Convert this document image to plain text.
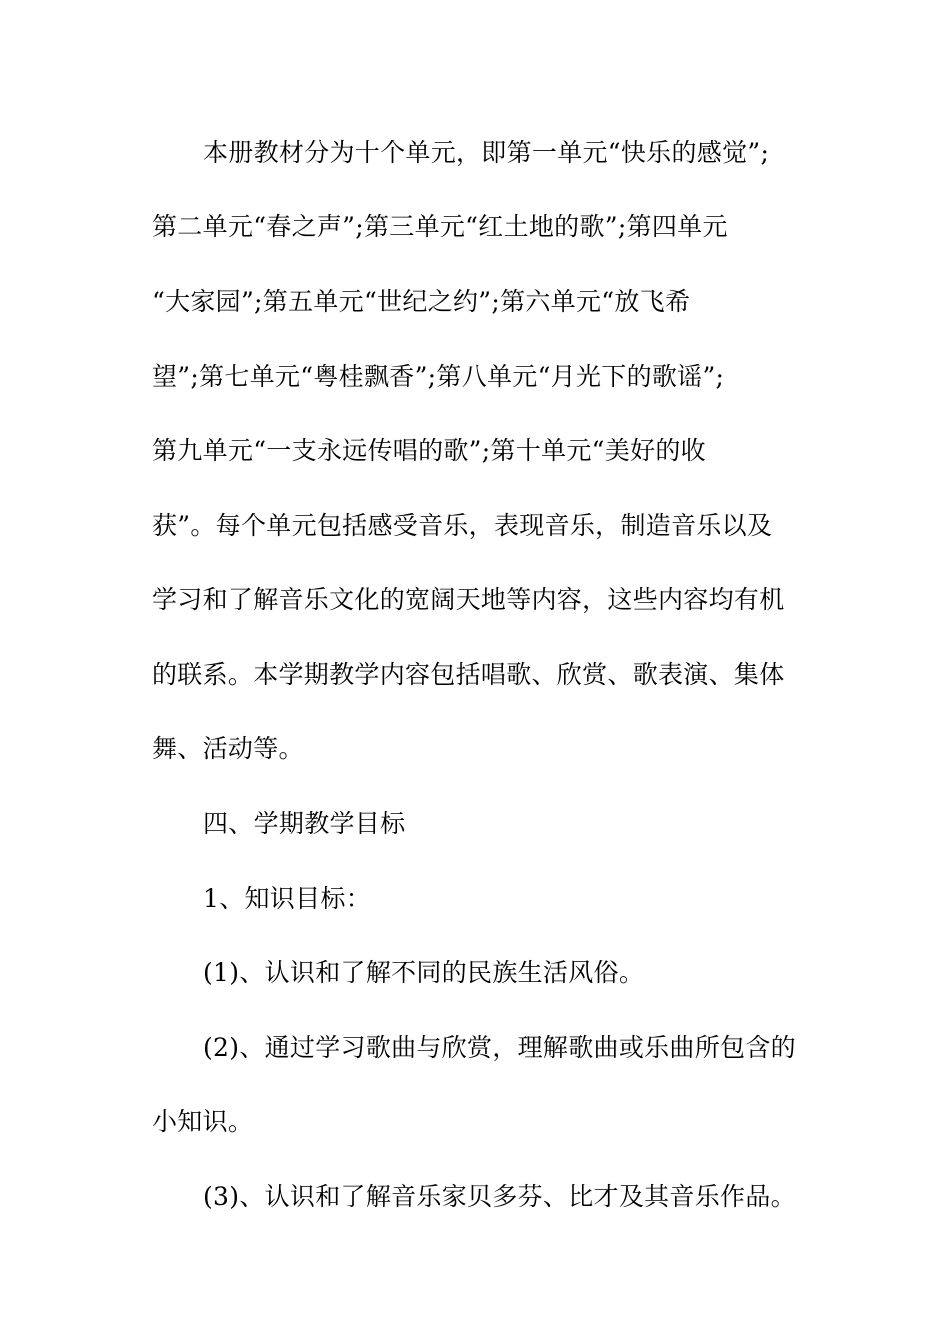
本册教材分为十个单元，即第一单元“快乐的感觉”;
第二单元“春之声”;第三单元“红土地的歌”;第四单元
“大家园”;第五单元“世纪之约”;第六单元“放飞希
望”;第七单元“粤桂飘香”;第八单元“月光下的歌谣”;
第九单元“一支永远传唱的歌”;第十单元“美好的收
获”。每个单元包括感受音乐，表现音乐，制造音乐以及
学习和了解音乐文化的宽阔天地等内容，这些内容均有机
的联系。本学期教学内容包括唱歌、欣赏、歌表演、集体
舞、活动等。
四、学期教学目标
1、知识目标：
(1)、认识和了解不同的民族生活风俗。
(2)、通过学习歌曲与欣赏，理解歌曲或乐曲所包含的
小知识。
(3)、认识和了解音乐家贝多芬、比才及其音乐作品。
